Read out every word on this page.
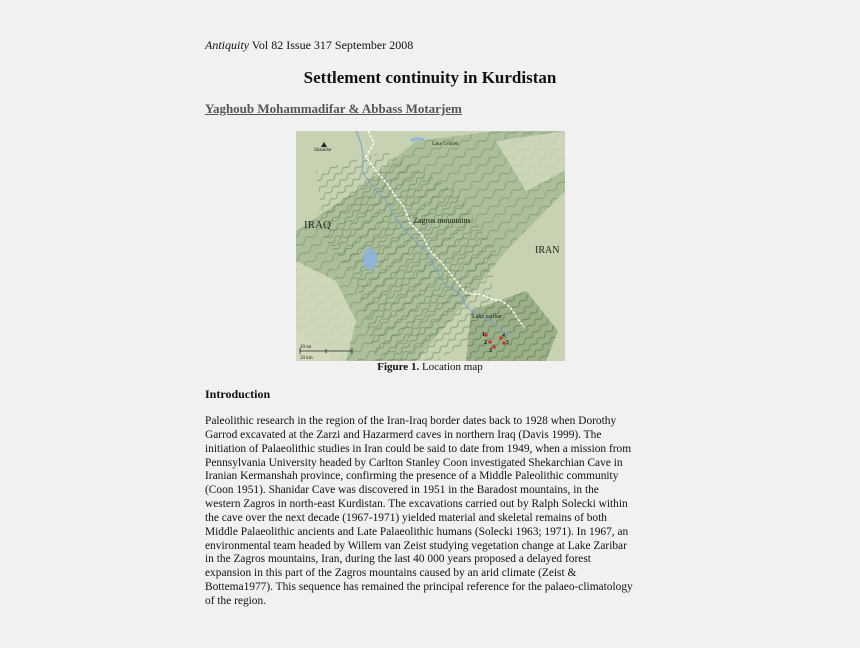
Antiquity Vol 82 Issue 317 September 2008
Settlement continuity in Kurdistan
Yaghoub Mohammadifar & Abbass Motarjem
Shanidar
Lake Urmieh
IRAQ	Zagros mountains
IRAN
Lake zaribar
1
2
3
4
5
20 mi
50 km
Figure 1. Location map
Introduction
Paleolithic research in the region of the Iran-Iraq border dates back to 1928 when Dorothy
Garrod excavated at the Zarzi and Hazarmerd caves in northern Iraq (Davis 1999). The
initiation of Palaeolithic studies in Iran could be said to date from 1949, when a mission from
Pennsylvania University headed by Carlton Stanley Coon investigated Shekarchian Cave in
Iranian Kermanshah province, confirming the presence of a Middle Paleolithic community
(Coon 1951). Shanidar Cave was discovered in 1951 in the Baradost mountains, in the
western Zagros in north-east Kurdistan. The excavations carried out by Ralph Solecki within
the cave over the next decade (1967-1971) yielded material and skeletal remains of both
Middle Palaeolithic ancients and Late Palaeolithic humans (Solecki 1963; 1971). In 1967, an
environmental team headed by Willem van Zeist studying vegetation change at Lake Zaribar
in the Zagros mountains, Iran, during the last 40 000 years proposed a delayed forest
expansion in this part of the Zagros mountains caused by an arid climate (Zeist &
Bottema1977). This sequence has remained the principal reference for the palaeo-climatology
of the region.
